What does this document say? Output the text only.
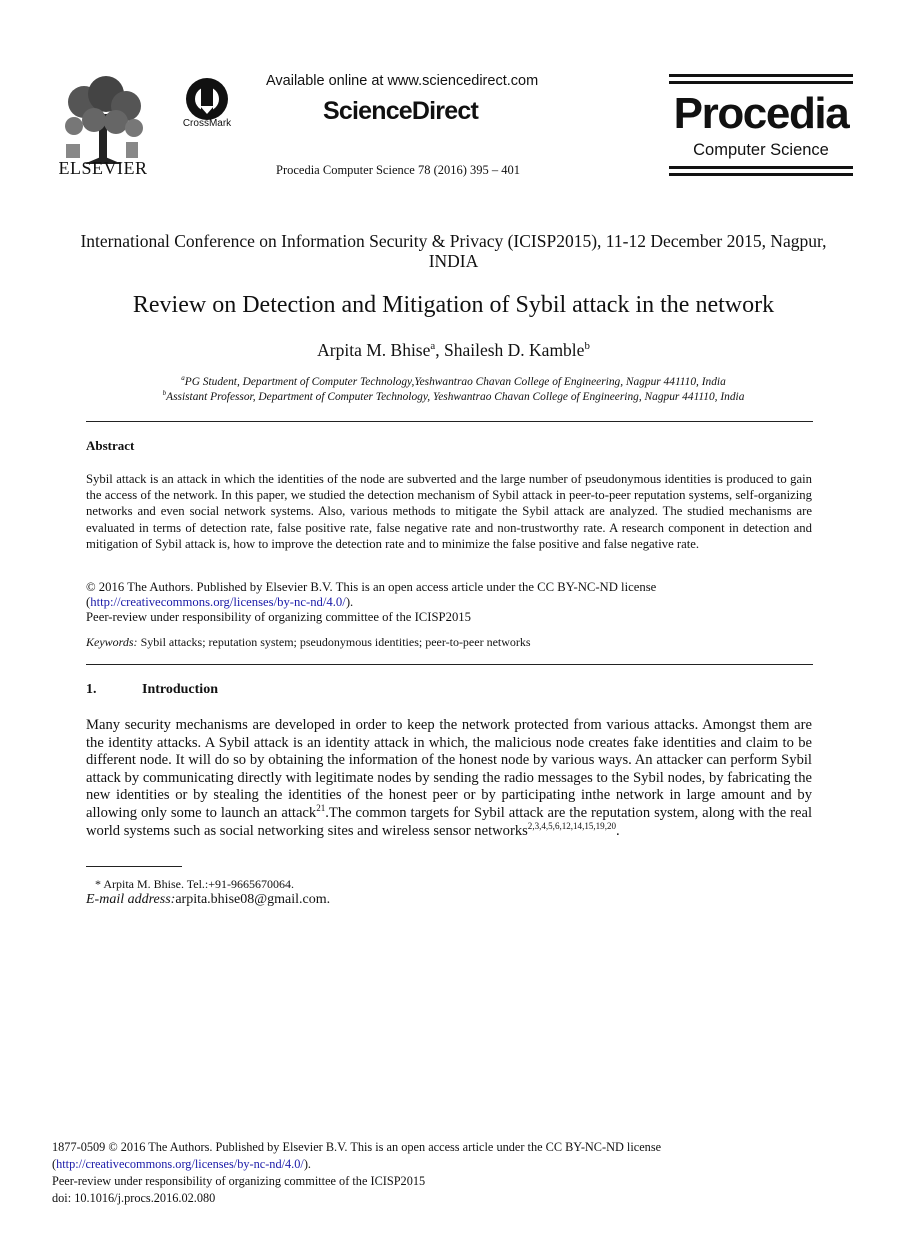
ELSEVIER
CrossMark
Available online at www.sciencedirect.com
ScienceDirect
Procedia Computer Science 78 (2016) 395 – 401
Procedia
Computer Science
International Conference on Information Security & Privacy (ICISP2015), 11-12 December 2015, Nagpur, INDIA
Review on Detection and Mitigation of Sybil attack in the network
Arpita M. Bhise$^a$, Shailesh D. Kamble$^b$
$^a$PG Student, Department of Computer Technology,Yeshwantrao Chavan College of Engineering, Nagpur 441110, India
$^b$Assistant Professor, Department of Computer Technology, Yeshwantrao Chavan College of Engineering, Nagpur 441110, India
Abstract
Sybil attack is an attack in which the identities of the node are subverted and the large number of pseudonymous identities is produced to gain the access of the network. In this paper, we studied the detection mechanism of Sybil attack in peer-to-peer reputation systems, self-organizing networks and even social network systems. Also, various methods to mitigate the Sybil attack are analyzed. The studied mechanisms are evaluated in terms of detection rate, false positive rate, false negative rate and non-trustworthy rate. A research component in detection and mitigation of Sybil attack is, how to improve the detection rate and to minimize the false positive and false negative rate.
© 2016 The Authors. Published by Elsevier B.V. This is an open access article under the CC BY-NC-ND license
(http://creativecommons.org/licenses/by-nc-nd/4.0/).
Peer-review under responsibility of organizing committee of the ICISP2015
Keywords: Sybil attacks; reputation system; pseudonymous identities; peer-to-peer networks
1.	Introduction
Many security mechanisms are developed in order to keep the network protected from various attacks. Amongst them are the identity attacks. A Sybil attack is an identity attack in which, the malicious node creates fake identities and claim to be different node. It will do so by obtaining the information of the honest node by various ways. An attacker can perform Sybil attack by communicating directly with legitimate nodes by sending the radio messages to the Sybil nodes, by fabricating the new identities or by stealing the identities of the honest peer or by participating inthe network in large amount and by allowing only some to launch an attack$^{21}$.The common targets for Sybil attack are the reputation system, along with the real world systems such as social networking sites and wireless sensor networks$^{2,3,4,5,6,12,14,15,19,20}$.
* Arpita M. Bhise. Tel.:+91-9665670064.
E-mail address:arpita.bhise08@gmail.com.
1877-0509 © 2016 The Authors. Published by Elsevier B.V. This is an open access article under the CC BY-NC-ND license
(http://creativecommons.org/licenses/by-nc-nd/4.0/).
Peer-review under responsibility of organizing committee of the ICISP2015
doi: 10.1016/j.procs.2016.02.080
